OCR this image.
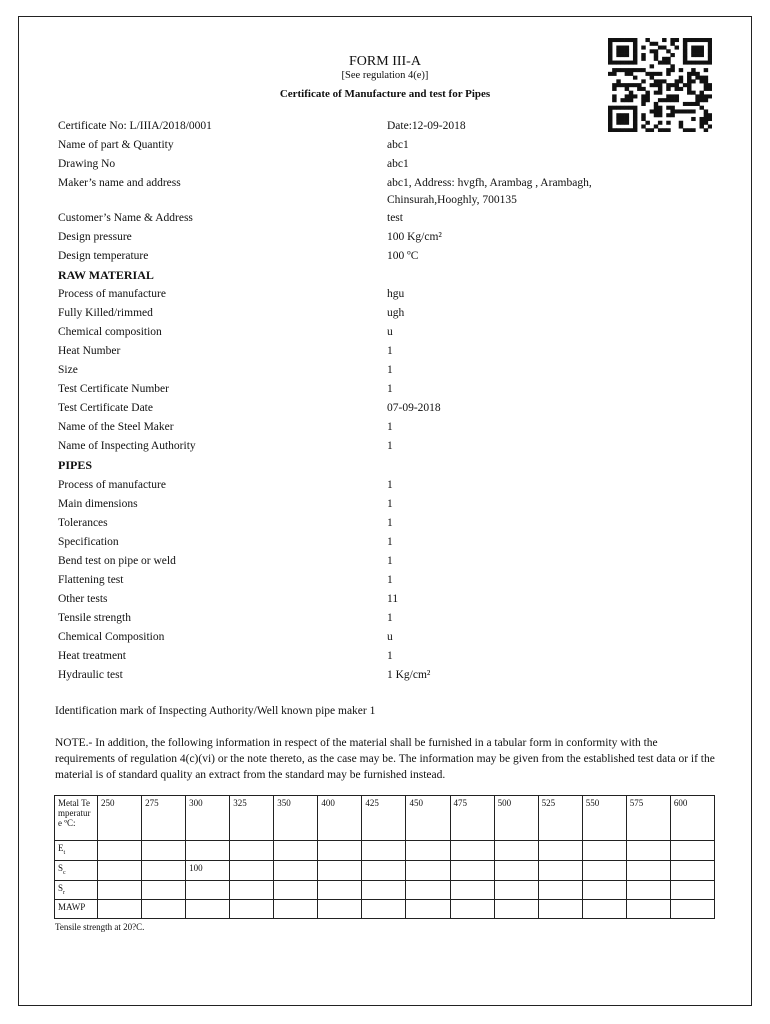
FORM III-A
[See regulation 4(e)]
Certificate of Manufacture and test for Pipes
Certificate No: L/IIIA/2018/0001	Date:12-09-2018
Name of part & Quantity	abc1
Drawing No	abc1
Maker’s name and address	abc1, Address: hvgfh, Arambag , Arambagh,
Chinsurah,Hooghly, 700135
Customer’s Name & Address	test
Design pressure	100 Kg/cm²
Design temperature	100 ºC
RAW MATERIAL
Process of manufacture	hgu
Fully Killed/rimmed	ugh
Chemical composition	u
Heat Number	1
Size	1
Test Certificate Number	1
Test Certificate Date	07-09-2018
Name of the Steel Maker	1
Name of Inspecting Authority	1
PIPES
Process of manufacture	1
Main dimensions	1
Tolerances	1
Specification	1
Bend test on pipe or weld	1
Flattening test	1
Other tests	11
Tensile strength	1
Chemical Composition	u
Heat treatment	1
Hydraulic test	1 Kg/cm²
Identification mark of Inspecting Authority/Well known pipe maker 1
NOTE.- In addition, the following information in respect of the material shall be furnished in a tabular form in conformity with the requirements of regulation 4(c)(vi) or the note thereto, as the case may be. The information may be given from the established test data or if the material is of standard quality an extract from the standard may be furnished instead.
Metal Te mperatur e ºC:	250	275	300	325	350	400	425	450	475	500	525	550	575	600
$E_t$														
$S_c$			100											
$S_r$														
MAWP														
Tensile strength at 20?C.
